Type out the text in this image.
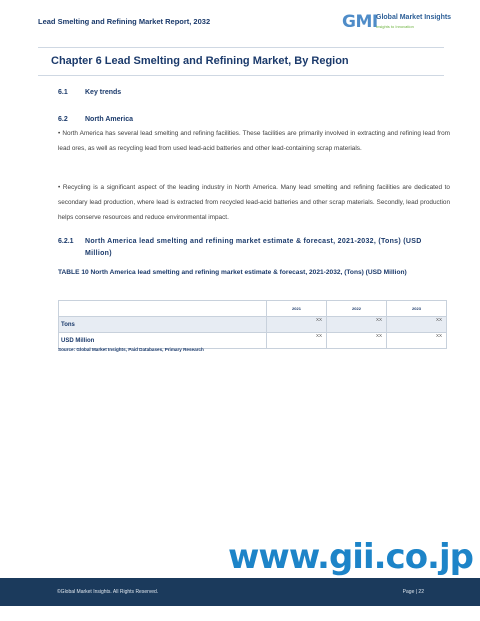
Lead Smelting and Refining Market Report, 2032	GMI
Global Market Insights
Insights to Innovation
Chapter 6 Lead Smelting and Refining Market, By Region
6.1 Key trends
6.2 North America
• North America has several lead smelting and refining facilities. These facilities are primarily involved in extracting and refining lead from lead ores, as well as recycling lead from used lead-acid batteries and other lead-containing scrap materials.
• Recycling is a significant aspect of the leading industry in North America. Many lead smelting and refining facilities are dedicated to secondary lead production, where lead is extracted from recycled lead-acid batteries and other scrap materials. Secondly, lead production helps conserve resources and reduce environmental impact.
6.2.1 North America lead smelting and refining market estimate & forecast, 2021-2032, (Tons) (USD Million)
TABLE 10 North America lead smelting and refining market estimate & forecast, 2021-2032, (Tons) (USD Million)
	2021	2022	2023
Tons	XX	XX	XX
USD Million	XX	XX	XX
Source: Global Market Insights, Paid Databases, Primary Research
www.gii.co.jp
©Global Market Insights. All Rights Reserved.	Page | 22
